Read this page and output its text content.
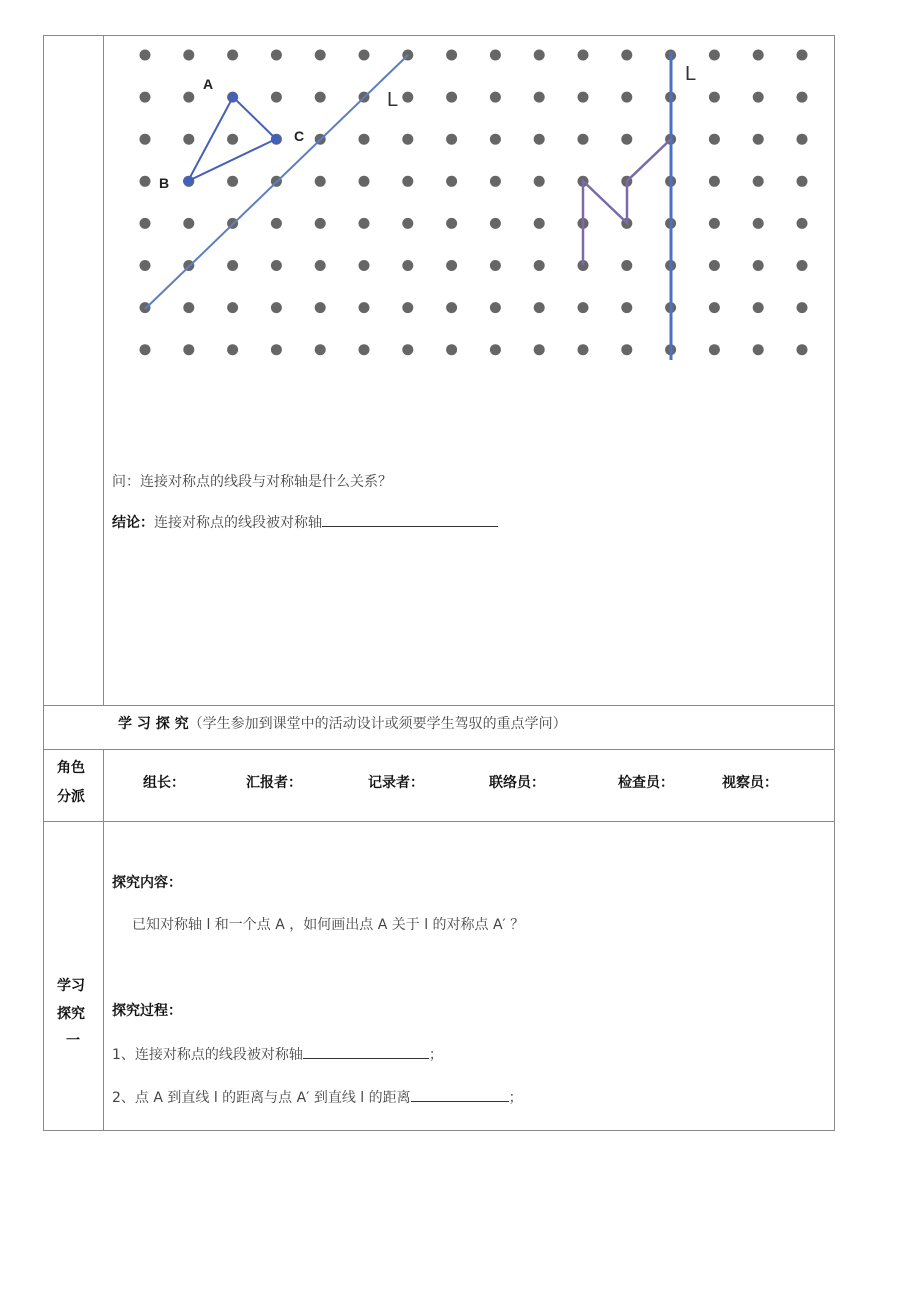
A
B
C
L
L
问：连接对称点的线段与对称轴是什么关系？
结论：连接对称点的线段被对称轴
学 习 探 究（学生参加到课堂中的活动设计或须要学生驾驭的重点学问）
角色
分派
组长：	汇报者：	记录者：	联络员：	检查员：	视察员：
学习
探究
一
探究内容：
已知对称轴 l 和一个点 A ，如何画出点 A 关于 l 的对称点 A′ ？
探究过程：
1、连接对称点的线段被对称轴	；
2、点 A 到直线 l 的距离与点 A′ 到直线 l 的距离	；
